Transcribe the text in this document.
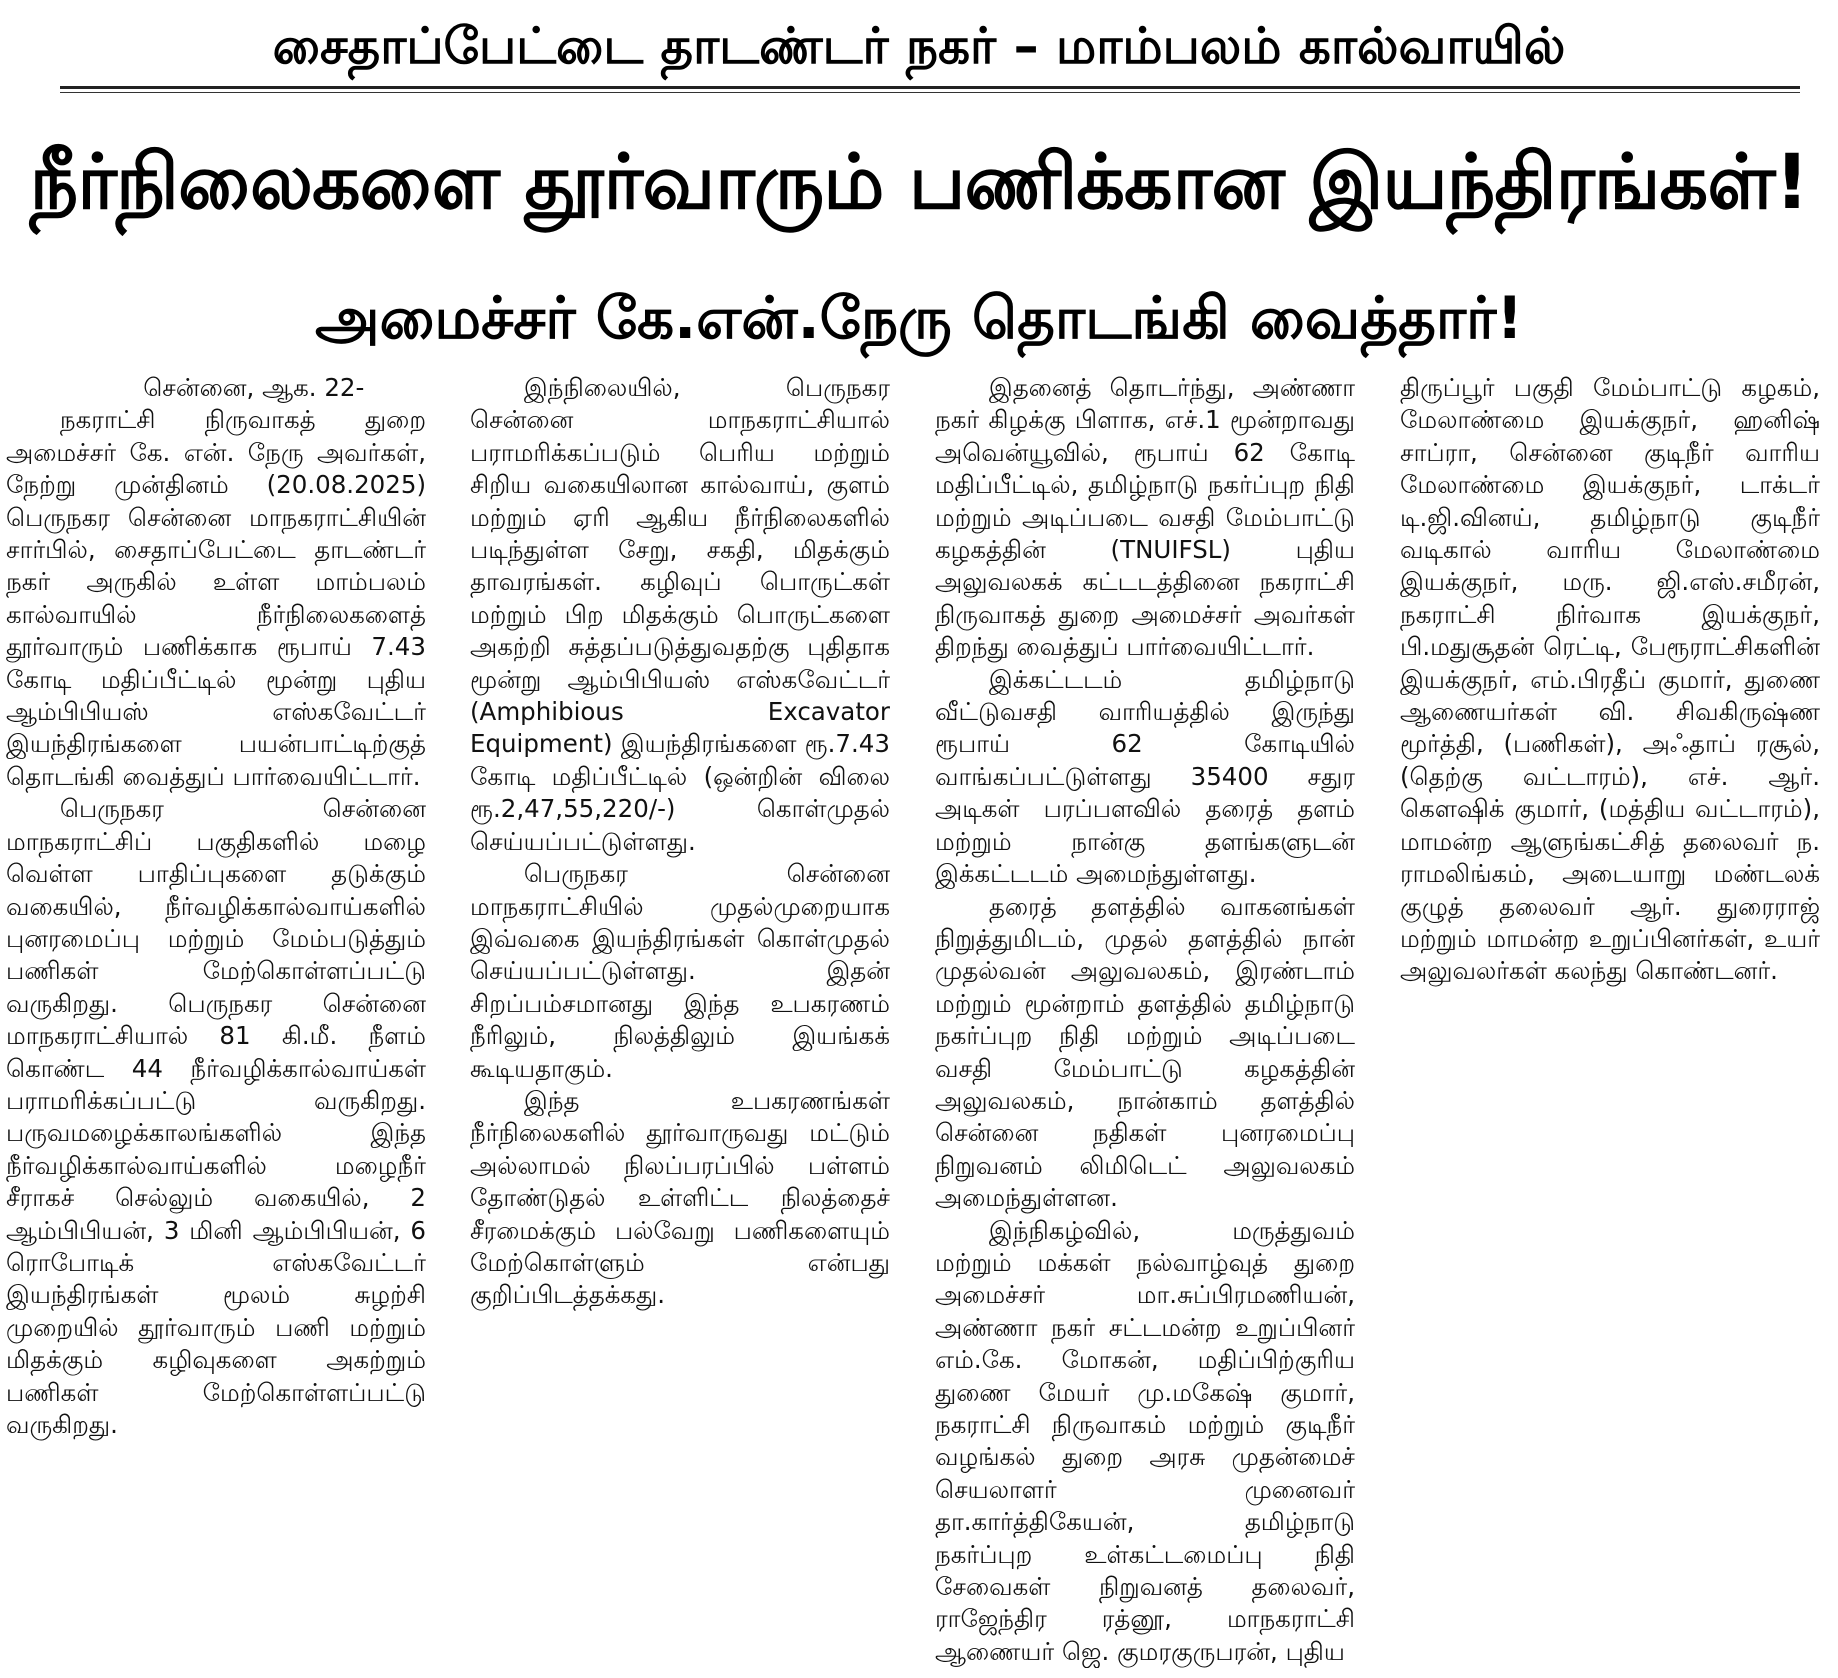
சைதாப்பேட்டை தாடண்டர் நகர் – மாம்பலம் கால்வாயில்
நீர்நிலைகளை தூர்வாரும் பணிக்கான இயந்திரங்கள்!
அமைச்சர் கே.என்.நேரு தொடங்கி வைத்தார்!

சென்னை, ஆக. 22-

நகராட்சி நிருவாகத் துறை அமைச்சர் கே. என். நேரு அவர்கள், நேற்று முன்தினம் (20.08.2025) பெருநகர சென்னை மாநகராட்சியின் சார்பில், சைதாப்பேட்டை தாடண்டர் நகர் அருகில் உள்ள மாம்பலம் கால்வாயில் நீர்நிலைகளைத் தூர்வாரும் பணிக்காக ரூபாய் 7.43 கோடி மதிப்பீட்டில் மூன்று புதிய ஆம்பிபியஸ் எஸ்கவேட்டர் இயந்திரங்களை பயன்பாட்டிற்குத் தொடங்கி வைத்துப் பார்வையிட்டார்.

பெருநகர சென்னை மாநகராட்சிப் பகுதிகளில் மழை வெள்ள பாதிப்புகளை தடுக்கும் வகையில், நீர்வழிக்கால்வாய்களில் புனரமைப்பு மற்றும் மேம்படுத்தும் பணிகள் மேற்கொள்ளப்பட்டு வருகிறது. பெருநகர சென்னை மாநகராட்சியால் 81 கி.மீ. நீளம் கொண்ட 44 நீர்வழிக்கால்வாய்கள் பராமரிக்கப்பட்டு வருகிறது. பருவமழைக்காலங்களில் இந்த நீர்வழிக்கால்வாய்களில் மழைநீர் சீராகச் செல்லும் வகையில், 2 ஆம்பிபியன், 3 மினி ஆம்பிபியன், 6 ரொபோடிக் எஸ்கவேட்டர் இயந்திரங்கள் மூலம் சுழற்சி முறையில் தூர்வாரும் பணி மற்றும் மிதக்கும் கழிவுகளை அகற்றும் பணிகள் மேற்கொள்ளப்பட்டு வருகிறது.

இந்நிலையில், பெருநகர சென்னை மாநகராட்சியால் பராமரிக்கப்படும் பெரிய மற்றும் சிறிய வகையிலான கால்வாய், குளம் மற்றும் ஏரி ஆகிய நீர்நிலைகளில் படிந்துள்ள சேறு, சகதி, மிதக்கும் தாவரங்கள். கழிவுப் பொருட்கள் மற்றும் பிற மிதக்கும் பொருட்களை அகற்றி சுத்தப்படுத்துவதற்கு புதிதாக மூன்று ஆம்பிபியஸ் எஸ்கவேட்டர் (Amphibious Excavator Equipment) இயந்திரங்களை ரூ.7.43 கோடி மதிப்பீட்டில் (ஒன்றின் விலை ரூ.2,47,55,220/-) கொள்முதல் செய்யப்பட்டுள்ளது.

பெருநகர சென்னை மாநகராட்சியில் முதல்முறையாக இவ்வகை இயந்திரங்கள் கொள்முதல் செய்யப்பட்டுள்ளது. இதன் சிறப்பம்சமானது இந்த உபகரணம் நீரிலும், நிலத்திலும் இயங்கக் கூடியதாகும்.

இந்த உபகரணங்கள் நீர்நிலைகளில் தூர்வாருவது மட்டும் அல்லாமல் நிலப்பரப்பில் பள்ளம் தோண்டுதல் உள்ளிட்ட நிலத்தைச் சீரமைக்கும் பல்வேறு பணிகளையும் மேற்கொள்ளும் என்பது குறிப்பிடத்தக்கது.

இதனைத் தொடர்ந்து, அண்ணா நகர் கிழக்கு பிளாக, எச்.1 மூன்றாவது அவென்யூவில், ரூபாய் 62 கோடி மதிப்பீட்டில், தமிழ்நாடு நகர்ப்புற நிதி மற்றும் அடிப்படை வசதி மேம்பாட்டு கழகத்தின் (TNUIFSL) புதிய அலுவலகக் கட்டடத்தினை நகராட்சி நிருவாகத் துறை அமைச்சர் அவர்கள் திறந்து வைத்துப் பார்வையிட்டார்.

இக்கட்டடம் தமிழ்நாடு வீட்டுவசதி வாரியத்தில் இருந்து ரூபாய் 62 கோடியில் வாங்கப்பட்டுள்ளது 35400 சதுர அடிகள் பரப்பளவில் தரைத் தளம் மற்றும் நான்கு தளங்களுடன் இக்கட்டடம் அமைந்துள்ளது.

தரைத் தளத்தில் வாகனங்கள் நிறுத்துமிடம், முதல் தளத்தில் நான் முதல்வன் அலுவலகம், இரண்டாம் மற்றும் மூன்றாம் தளத்தில் தமிழ்நாடு நகர்ப்புற நிதி மற்றும் அடிப்படை வசதி மேம்பாட்டு கழகத்தின் அலுவலகம், நான்காம் தளத்தில் சென்னை நதிகள் புனரமைப்பு நிறுவனம் லிமிடெட் அலுவலகம் அமைந்துள்ளன.

இந்நிகழ்வில், மருத்துவம் மற்றும் மக்கள் நல்வாழ்வுத் துறை அமைச்சர் மா.சுப்பிரமணியன், அண்ணா நகர் சட்டமன்ற உறுப்பினர் எம்.கே. மோகன், மதிப்பிற்குரிய துணை மேயர் மு.மகேஷ் குமார், நகராட்சி நிருவாகம் மற்றும் குடிநீர் வழங்கல் துறை அரசு முதன்மைச் செயலாளர் முனைவர் தா.கார்த்திகேயன், தமிழ்நாடு நகர்ப்புற உள்கட்டமைப்பு நிதி சேவைகள் நிறுவனத் தலைவர், ராஜேந்திர ரத்னூ, மாநகராட்சி ஆணையர் ஜெ. குமரகுருபரன், புதிய

திருப்பூர் பகுதி மேம்பாட்டு கழகம், மேலாண்மை இயக்குநர், ஹனிஷ் சாப்ரா, சென்னை குடிநீர் வாரிய மேலாண்மை இயக்குநர், டாக்டர் டி.ஜி.வினய், தமிழ்நாடு குடிநீர் வடிகால் வாரிய மேலாண்மை இயக்குநர், மரு. ஜி.எஸ்.சமீரன், நகராட்சி நிர்வாக இயக்குநர், பி.மதுசூதன் ரெட்டி, பேரூராட்சிகளின் இயக்குநர், எம்.பிரதீப் குமார், துணை ஆணையர்கள் வி. சிவகிருஷ்ண மூர்த்தி, (பணிகள்), அஃதாப் ரசூல், (தெற்கு வட்டாரம்), எச். ஆர். கௌஷிக் குமார், (மத்திய வட்டாரம்), மாமன்ற ஆளுங்கட்சித் தலைவர் ந. ராமலிங்கம், அடையாறு மண்டலக் குழுத் தலைவர் ஆர். துரைராஜ் மற்றும் மாமன்ற உறுப்பினர்கள், உயர் அலுவலர்கள் கலந்து கொண்டனர்.
